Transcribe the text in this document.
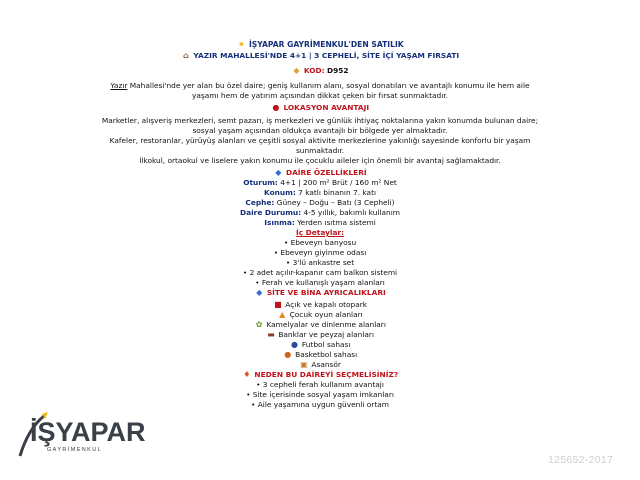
✷ İŞYAPAR GAYRİMENKUL'DEN SATILIK
⌂ YAZIR MAHALLESİ'NDE 4+1 | 3 CEPHELİ, SİTE İÇİ YAŞAM FIRSATI
◆ KOD: D952
Yazır Mahallesi'nde yer alan bu özel daire; geniş kullanım alanı, sosyal donatıları ve avantajlı konumu ile hem aile yaşamı hem de yatırım açısından dikkat çeken bir fırsat sunmaktadır.
● LOKASYON AVANTAJI
Marketler, alışveriş merkezleri, semt pazarı, iş merkezleri ve günlük ihtiyaç noktalarına yakın konumda bulunan daire; sosyal yaşam açısından oldukça avantajlı bir bölgede yer almaktadır.
Kafeler, restoranlar, yürüyüş alanları ve çeşitli sosyal aktivite merkezlerine yakınlığı sayesinde konforlu bir yaşam sunmaktadır.
İlkokul, ortaokul ve liselere yakın konumu ile çocuklu aileler için önemli bir avantaj sağlamaktadır.
◆ DAİRE ÖZELLİKLERİ
Oturum: 4+1 | 200 m² Brüt / 160 m² Net
Konum: 7 katlı binanın 7. katı
Cephe: Güney – Doğu – Batı (3 Cepheli)
Daire Durumu: 4-5 yıllık, bakımlı kullanım
Isınma: Yerden ısıtma sistemi
İç Detaylar:
• Ebeveyn banyosu
• Ebeveyn giyinme odası
• 3'lü ankastre set
• 2 adet açılır-kapanır cam balkon sistemi
• Ferah ve kullanışlı yaşam alanları
◆ SİTE VE BİNA AYRICALIKLARI
■ Açık ve kapalı otopark
▲ Çocuk oyun alanları
✿ Kamelyalar ve dinlenme alanları
▬ Banklar ve peyzaj alanları
● Futbol sahası
● Basketbol sahası
▣ Asansör
♦ NEDEN BU DAİREYİ SEÇMELİSİNİZ?
• 3 cepheli ferah kullanım avantajı
• Site içerisinde sosyal yaşam imkanları
• Aile yaşamına uygun güvenli ortam
İŞYAPAR
GAYRİMENKUL
125652-2017
